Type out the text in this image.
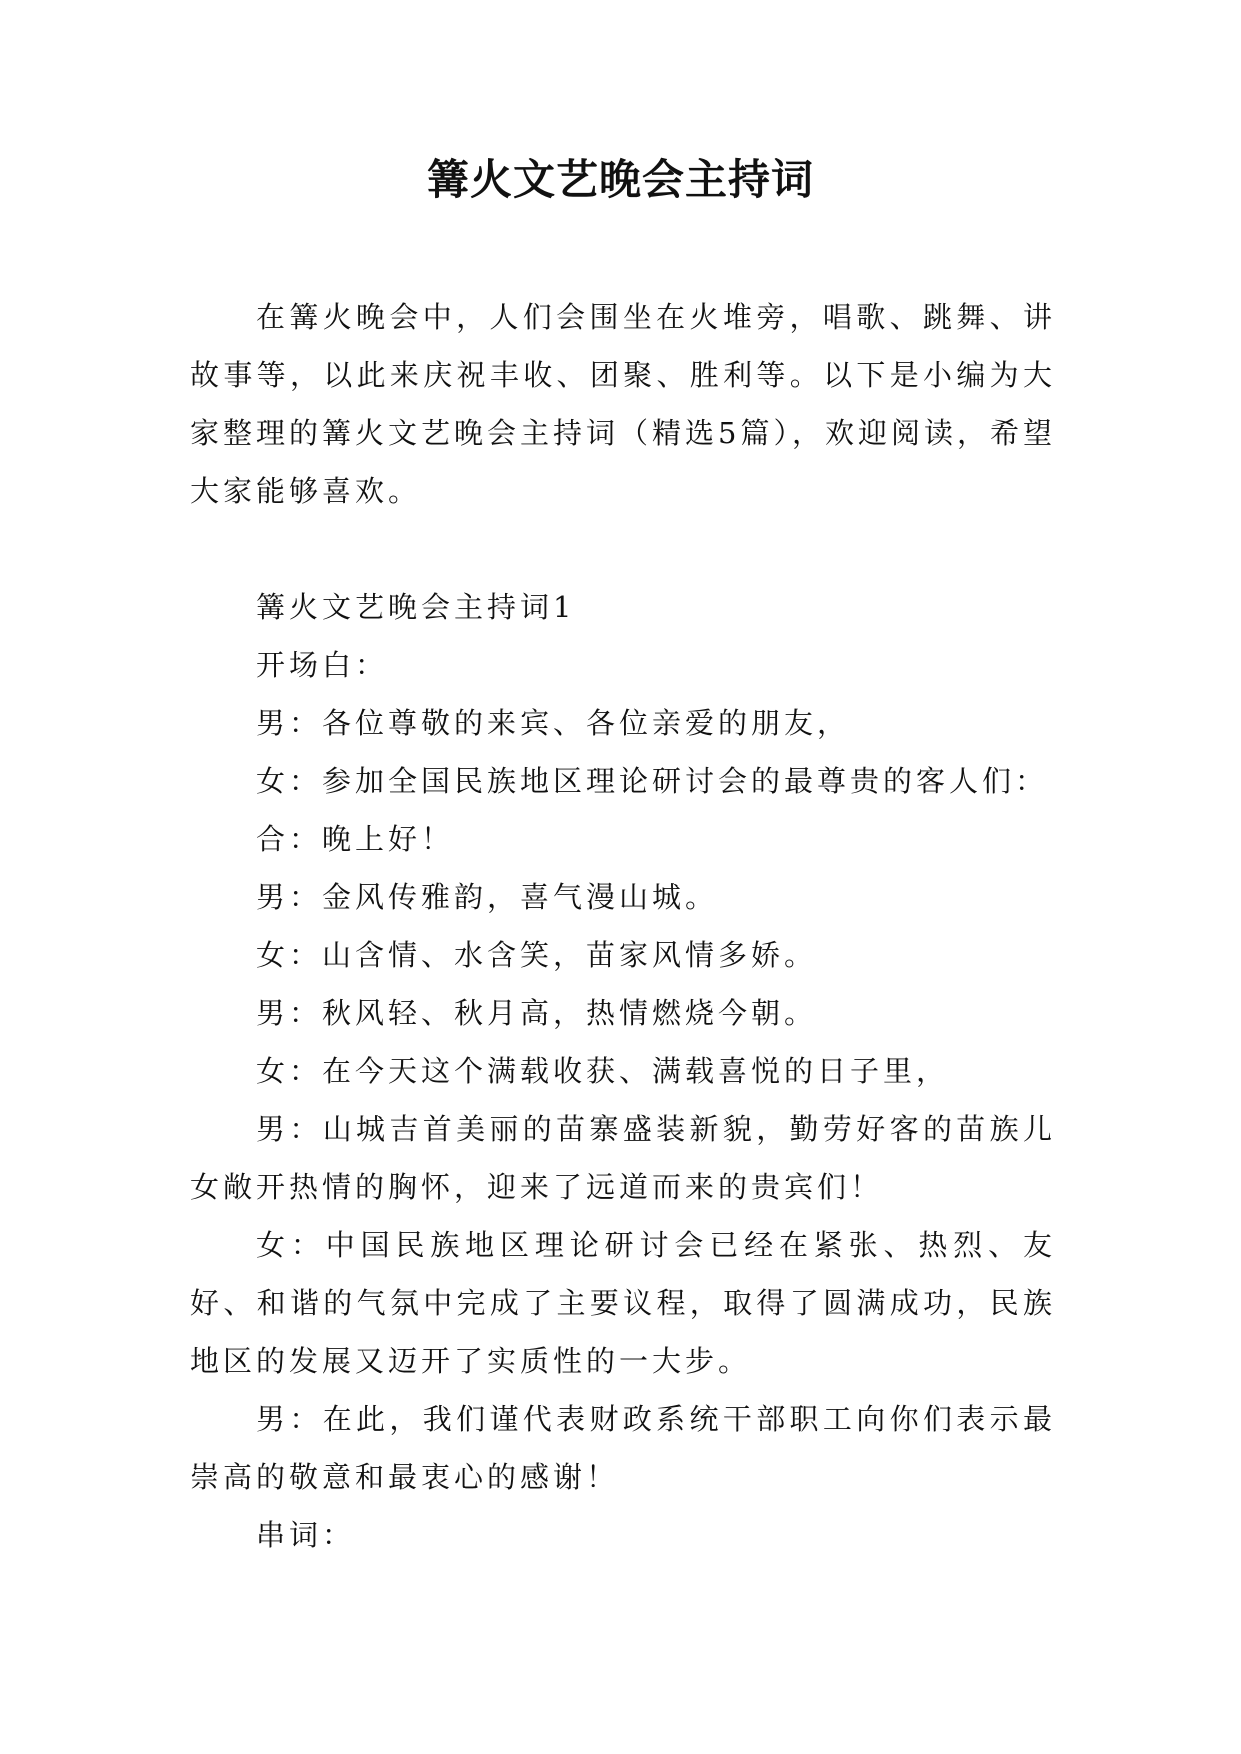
篝火文艺晚会主持词

在篝火晚会中，人们会围坐在火堆旁，唱歌、跳舞、讲故事等，以此来庆祝丰收、团聚、胜利等。以下是小编为大家整理的篝火文艺晚会主持词（精选5篇），欢迎阅读，希望大家能够喜欢。

篝火文艺晚会主持词1

开场白：

男：各位尊敬的来宾、各位亲爱的朋友，

女：参加全国民族地区理论研讨会的最尊贵的客人们：

合：晚上好！

男：金风传雅韵，喜气漫山城。

女：山含情、水含笑，苗家风情多娇。

男：秋风轻、秋月高，热情燃烧今朝。

女：在今天这个满载收获、满载喜悦的日子里，

男：山城吉首美丽的苗寨盛装新貌，勤劳好客的苗族儿女敞开热情的胸怀，迎来了远道而来的贵宾们！

女：中国民族地区理论研讨会已经在紧张、热烈、友好、和谐的气氛中完成了主要议程，取得了圆满成功，民族地区的发展又迈开了实质性的一大步。

男：在此，我们谨代表财政系统干部职工向你们表示最崇高的敬意和最衷心的感谢！

串词：
